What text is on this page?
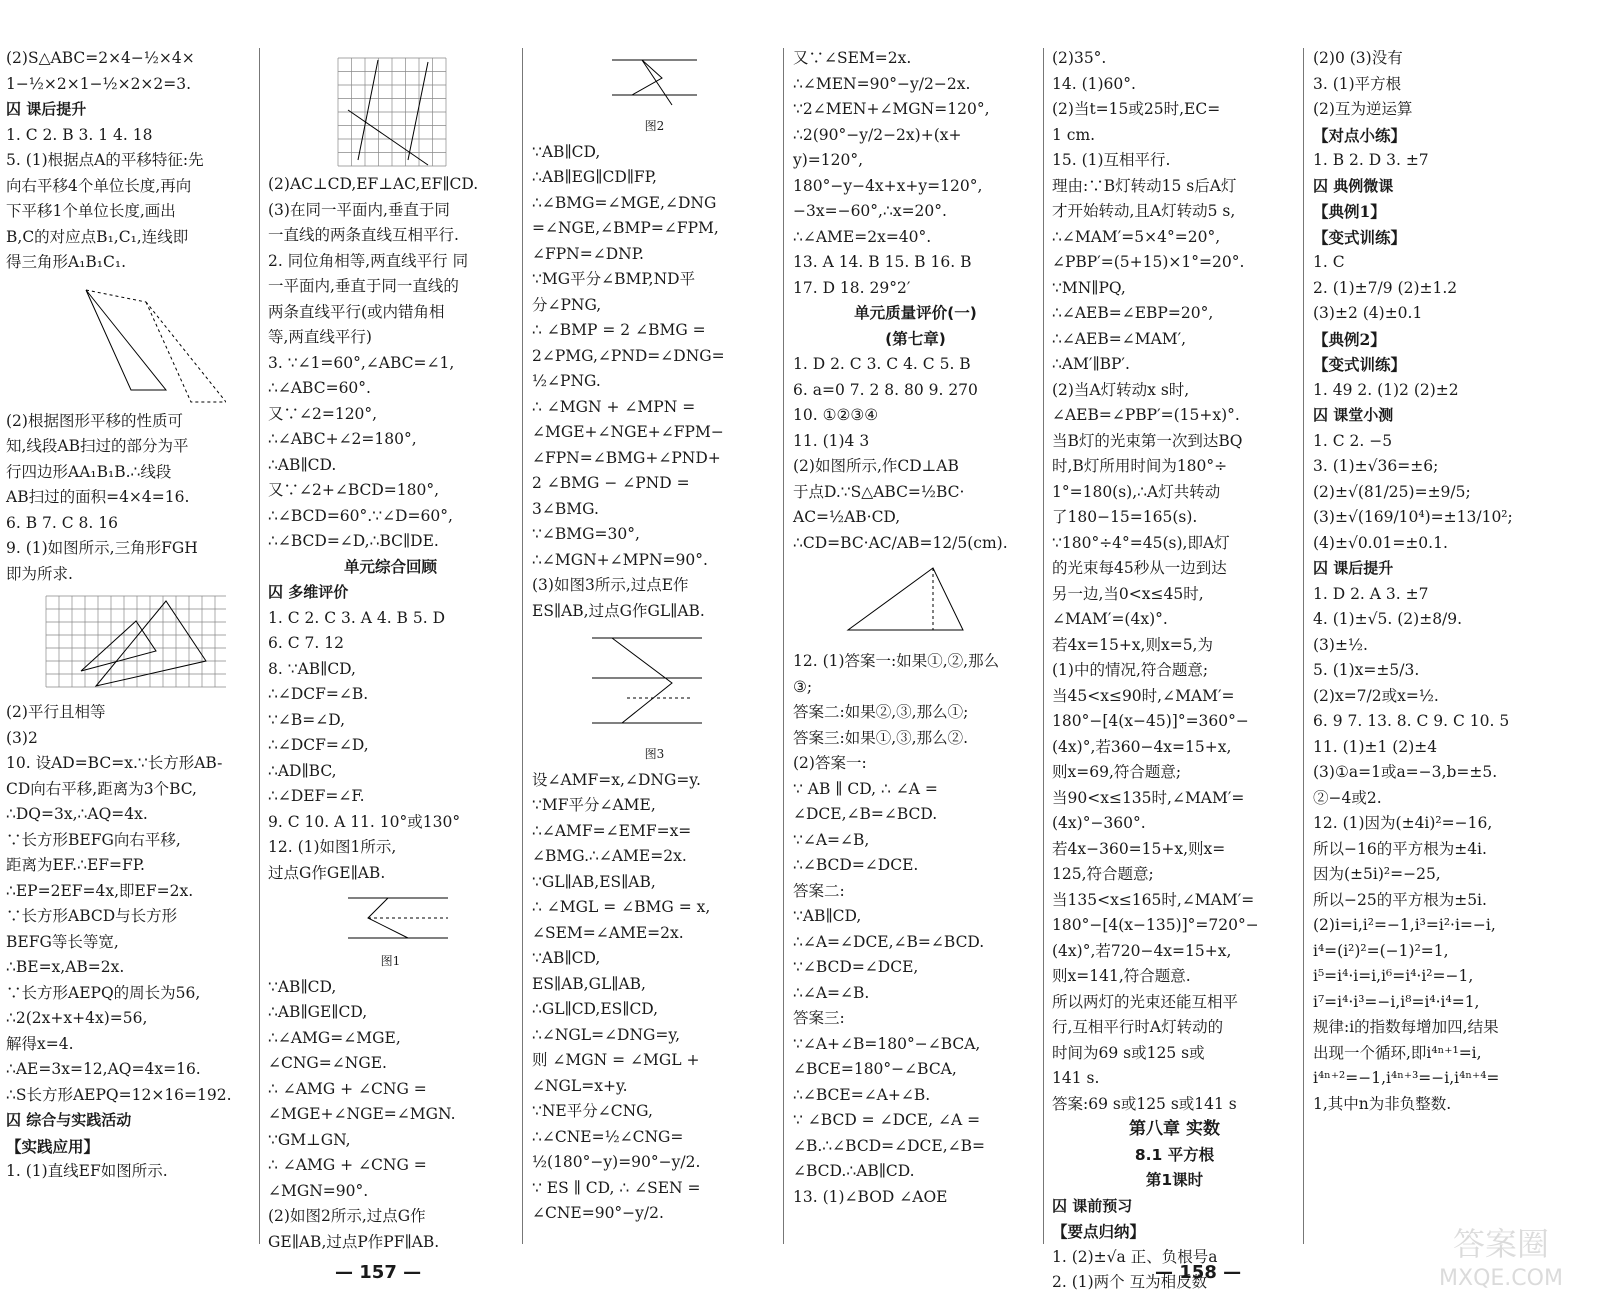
(2)S△ABC=2×4−½×4×
1−½×2×1−½×2×2=3.
囚 课后提升
1. C 2. B 3. 1 4. 18
5. (1)根据点A的平移特征:先
向右平移4个单位长度,再向
下平移1个单位长度,画出
B,C的对应点B₁,C₁,连线即
得三角形A₁B₁C₁.
(2)根据图形平移的性质可
知,线段AB扫过的部分为平
行四边形AA₁B₁B.∴线段
AB扫过的面积=4×4=16.
6. B 7. C 8. 16
9. (1)如图所示,三角形FGH
即为所求.
(2)平行且相等
(3)2
10. 设AD=BC=x.∵长方形AB-
CD向右平移,距离为3个BC,
∴DQ=3x,∴AQ=4x.
∵长方形BEFG向右平移,
距离为EF.∴EF=FP.
∴EP=2EF=4x,即EF=2x.
∵长方形ABCD与长方形
BEFG等长等宽,
∴BE=x,AB=2x.
∵长方形AEPQ的周长为56,
∴2(2x+x+4x)=56,
解得x=4.
∴AE=3x=12,AQ=4x=16.
∴S长方形AEPQ=12×16=192.
囚 综合与实践活动
【实践应用】
1. (1)直线EF如图所示.
(2)AC⊥CD,EF⊥AC,EF∥CD.
(3)在同一平面内,垂直于同
一直线的两条直线互相平行.
2. 同位角相等,两直线平行 同
一平面内,垂直于同一直线的
两条直线平行(或内错角相
等,两直线平行)
3. ∵∠1=60°,∠ABC=∠1,
∴∠ABC=60°.
又∵∠2=120°,
∴∠ABC+∠2=180°,
∴AB∥CD.
又∵∠2+∠BCD=180°,
∴∠BCD=60°.∵∠D=60°,
∴∠BCD=∠D,∴BC∥DE.
单元综合回顾
囚 多维评价
1. C 2. C 3. A 4. B 5. D
6. C 7. 12
8. ∵AB∥CD,
∴∠DCF=∠B.
∵∠B=∠D,
∴∠DCF=∠D,
∴AD∥BC,
∴∠DEF=∠F.
9. C 10. A 11. 10°或130°
12. (1)如图1所示,
过点G作GE∥AB.
图1
∵AB∥CD,
∴AB∥GE∥CD,
∴∠AMG=∠MGE,
∠CNG=∠NGE.
∴ ∠AMG + ∠CNG =
∠MGE+∠NGE=∠MGN.
∵GM⊥GN,
∴ ∠AMG + ∠CNG =
∠MGN=90°.
(2)如图2所示,过点G作
GE∥AB,过点P作PF∥AB.
图2
∵AB∥CD,
∴AB∥EG∥CD∥FP,
∴∠BMG=∠MGE,∠DNG
=∠NGE,∠BMP=∠FPM,
∠FPN=∠DNP.
∵MG平分∠BMP,ND平
分∠PNG,
∴ ∠BMP = 2 ∠BMG =
2∠PMG,∠PND=∠DNG=
½∠PNG.
∴ ∠MGN + ∠MPN =
∠MGE+∠NGE+∠FPM−
∠FPN=∠BMG+∠PND+
2 ∠BMG − ∠PND =
3∠BMG.
∵∠BMG=30°,
∴∠MGN+∠MPN=90°.
(3)如图3所示,过点E作
ES∥AB,过点G作GL∥AB.
图3
设∠AMF=x,∠DNG=y.
∵MF平分∠AME,
∴∠AMF=∠EMF=x=
∠BMG.∴∠AME=2x.
∵GL∥AB,ES∥AB,
∴ ∠MGL = ∠BMG = x,
∠SEM=∠AME=2x.
∵AB∥CD,
ES∥AB,GL∥AB,
∴GL∥CD,ES∥CD,
∴∠NGL=∠DNG=y,
则 ∠MGN = ∠MGL +
∠NGL=x+y.
∵NE平分∠CNG,
∴∠CNE=½∠CNG=
½(180°−y)=90°−y/2.
∵ ES ∥ CD, ∴ ∠SEN =
∠CNE=90°−y/2.
又∵∠SEM=2x.
∴∠MEN=90°−y/2−2x.
∵2∠MEN+∠MGN=120°,
∴2(90°−y/2−2x)+(x+
y)=120°,
180°−y−4x+x+y=120°,
−3x=−60°,∴x=20°.
∴∠AME=2x=40°.
13. A 14. B 15. B 16. B
17. D 18. 29°2′
单元质量评价(一)
(第七章)
1. D 2. C 3. C 4. C 5. B
6. a=0 7. 2 8. 80 9. 270
10. ①②③④
11. (1)4 3
(2)如图所示,作CD⊥AB
于点D.∵S△ABC=½BC·
AC=½AB·CD,
∴CD=BC·AC/AB=12/5(cm).
12. (1)答案一:如果①,②,那么
③;
答案二:如果②,③,那么①;
答案三:如果①,③,那么②.
(2)答案一:
∵ AB ∥ CD, ∴ ∠A =
∠DCE,∠B=∠BCD.
∵∠A=∠B,
∴∠BCD=∠DCE.
答案二:
∵AB∥CD,
∴∠A=∠DCE,∠B=∠BCD.
∵∠BCD=∠DCE,
∴∠A=∠B.
答案三:
∵∠A+∠B=180°−∠BCA,
∠BCE=180°−∠BCA,
∴∠BCE=∠A+∠B.
∵ ∠BCD = ∠DCE, ∠A =
∠B.∴∠BCD=∠DCE,∠B=
∠BCD.∴AB∥CD.
13. (1)∠BOD ∠AOE
(2)35°.
14. (1)60°.
(2)当t=15或25时,EC=
1 cm.
15. (1)互相平行.
理由:∵B灯转动15 s后A灯
才开始转动,且A灯转动5 s,
∴∠MAM′=5×4°=20°,
∠PBP′=(5+15)×1°=20°.
∵MN∥PQ,
∴∠AEB=∠EBP=20°,
∴∠AEB=∠MAM′,
∴AM′∥BP′.
(2)当A灯转动x s时,
∠AEB=∠PBP′=(15+x)°.
当B灯的光束第一次到达BQ
时,B灯所用时间为180°÷
1°=180(s),∴A灯共转动
了180−15=165(s).
∵180°÷4°=45(s),即A灯
的光束每45秒从一边到达
另一边,当0<x≤45时,
∠MAM′=(4x)°.
若4x=15+x,则x=5,为
(1)中的情况,符合题意;
当45<x≤90时,∠MAM′=
180°−[4(x−45)]°=360°−
(4x)°,若360−4x=15+x,
则x=69,符合题意;
当90<x≤135时,∠MAM′=
(4x)°−360°.
若4x−360=15+x,则x=
125,符合题意;
当135<x≤165时,∠MAM′=
180°−[4(x−135)]°=720°−
(4x)°,若720−4x=15+x,
则x=141,符合题意.
所以两灯的光束还能互相平
行,互相平行时A灯转动的
时间为69 s或125 s或
141 s.
答案:69 s或125 s或141 s
第八章 实数
8.1 平方根
第1课时
囚 课前预习
【要点归纳】
1. (2)±√a 正、负根号a
2. (1)两个 互为相反数
(2)0 (3)没有
3. (1)平方根
(2)互为逆运算
【对点小练】
1. B 2. D 3. ±7
囚 典例微课
【典例1】
【变式训练】
1. C
2. (1)±7/9 (2)±1.2
(3)±2 (4)±0.1
【典例2】
【变式训练】
1. 49 2. (1)2 (2)±2
囚 课堂小测
1. C 2. −5
3. (1)±√36=±6;
(2)±√(81/25)=±9/5;
(3)±√(169/10⁴)=±13/10²;
(4)±√0.01=±0.1.
囚 课后提升
1. D 2. A 3. ±7
4. (1)±√5. (2)±8/9.
(3)±½.
5. (1)x=±5/3.
(2)x=7/2或x=½.
6. 9 7. 13. 8. C 9. C 10. 5
11. (1)±1 (2)±4
(3)①a=1或a=−3,b=±5.
②−4或2.
12. (1)因为(±4i)²=−16,
所以−16的平方根为±4i.
因为(±5i)²=−25,
所以−25的平方根为±5i.
(2)i=i,i²=−1,i³=i²·i=−i,
i⁴=(i²)²=(−1)²=1,
i⁵=i⁴·i=i,i⁶=i⁴·i²=−1,
i⁷=i⁴·i³=−i,i⁸=i⁴·i⁴=1,
规律:i的指数每增加四,结果
出现一个循环,即i⁴ⁿ⁺¹=i,
i⁴ⁿ⁺²=−1,i⁴ⁿ⁺³=−i,i⁴ⁿ⁺⁴=
1,其中n为非负整数.
— 157 —	— 158 —
答案圈
MXQE.COM
